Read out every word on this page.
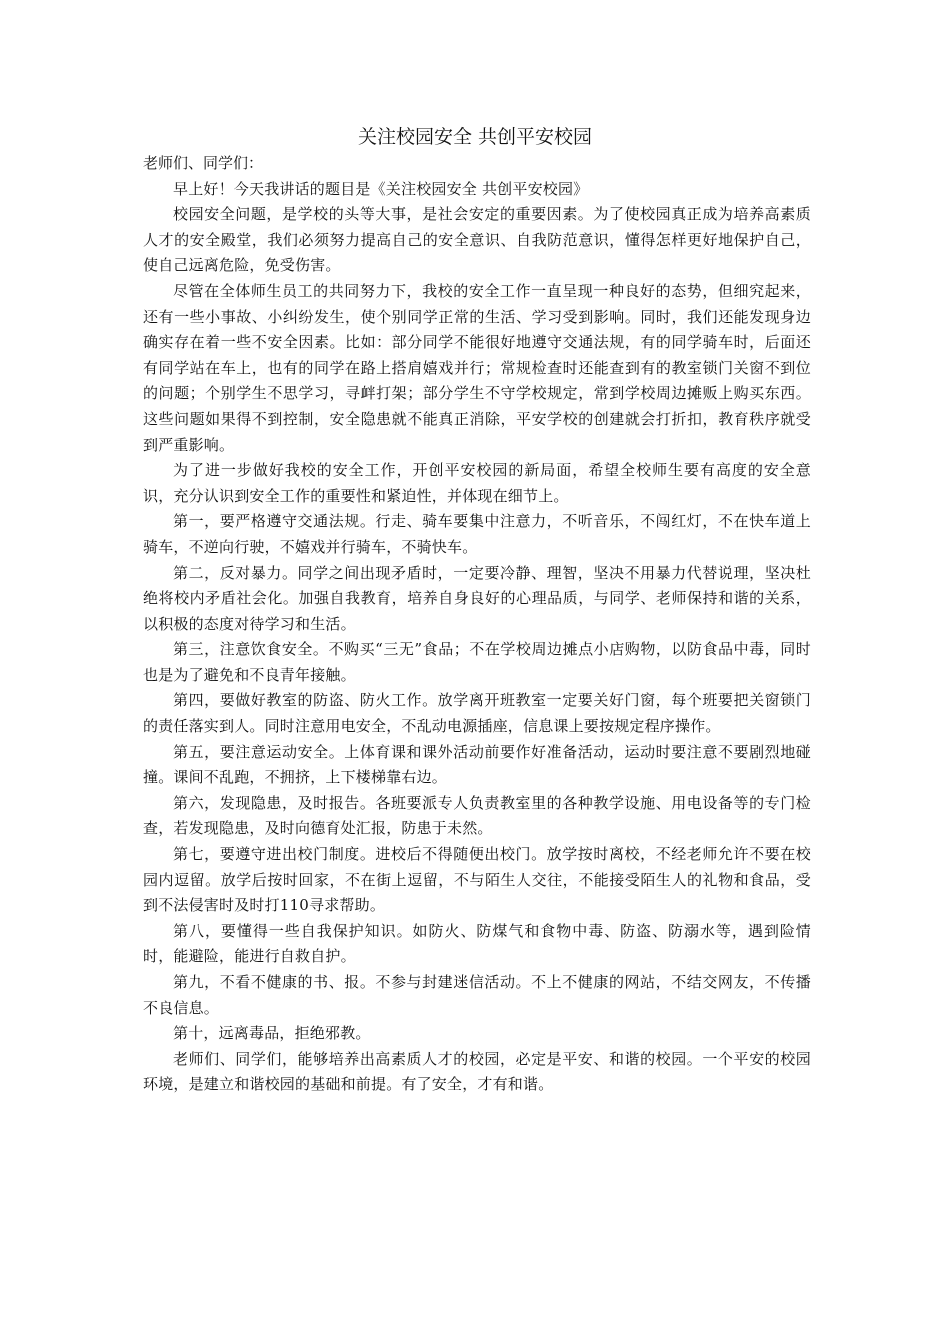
关注校园安全 共创平安校园

老师们、同学们：

早上好！今天我讲话的题目是《关注校园安全 共创平安校园》

校园安全问题，是学校的头等大事，是社会安定的重要因素。为了使校园真正成为培养高素质人才的安全殿堂，我们必须努力提高自己的安全意识、自我防范意识，懂得怎样更好地保护自己，使自己远离危险，免受伤害。

尽管在全体师生员工的共同努力下，我校的安全工作一直呈现一种良好的态势，但细究起来，还有一些小事故、小纠纷发生，使个别同学正常的生活、学习受到影响。同时，我们还能发现身边确实存在着一些不安全因素。比如：部分同学不能很好地遵守交通法规，有的同学骑车时，后面还有同学站在车上，也有的同学在路上搭肩嬉戏并行；常规检查时还能查到有的教室锁门关窗不到位的问题；个别学生不思学习，寻衅打架；部分学生不守学校规定，常到学校周边摊贩上购买东西。这些问题如果得不到控制，安全隐患就不能真正消除，平安学校的创建就会打折扣，教育秩序就受到严重影响。

为了进一步做好我校的安全工作，开创平安校园的新局面，希望全校师生要有高度的安全意识，充分认识到安全工作的重要性和紧迫性，并体现在细节上。

第一，要严格遵守交通法规。行走、骑车要集中注意力，不听音乐，不闯红灯，不在快车道上骑车，不逆向行驶，不嬉戏并行骑车，不骑快车。

第二，反对暴力。同学之间出现矛盾时，一定要冷静、理智，坚决不用暴力代替说理，坚决杜绝将校内矛盾社会化。加强自我教育，培养自身良好的心理品质，与同学、老师保持和谐的关系，以积极的态度对待学习和生活。

第三，注意饮食安全。不购买“三无”食品；不在学校周边摊点小店购物，以防食品中毒，同时也是为了避免和不良青年接触。

第四，要做好教室的防盗、防火工作。放学离开班教室一定要关好门窗，每个班要把关窗锁门的责任落实到人。同时注意用电安全，不乱动电源插座，信息课上要按规定程序操作。

第五，要注意运动安全。上体育课和课外活动前要作好准备活动，运动时要注意不要剧烈地碰撞。课间不乱跑，不拥挤，上下楼梯靠右边。

第六，发现隐患，及时报告。各班要派专人负责教室里的各种教学设施、用电设备等的专门检查，若发现隐患，及时向德育处汇报，防患于未然。

第七，要遵守进出校门制度。进校后不得随便出校门。放学按时离校，不经老师允许不要在校园内逗留。放学后按时回家，不在街上逗留，不与陌生人交往，不能接受陌生人的礼物和食品，受到不法侵害时及时打110寻求帮助。

第八，要懂得一些自我保护知识。如防火、防煤气和食物中毒、防盗、防溺水等，遇到险情时，能避险，能进行自救自护。

第九，不看不健康的书、报。不参与封建迷信活动。不上不健康的网站，不结交网友，不传播不良信息。

第十，远离毒品，拒绝邪教。

老师们、同学们，能够培养出高素质人才的校园，必定是平安、和谐的校园。一个平安的校园环境，是建立和谐校园的基础和前提。有了安全，才有和谐。
